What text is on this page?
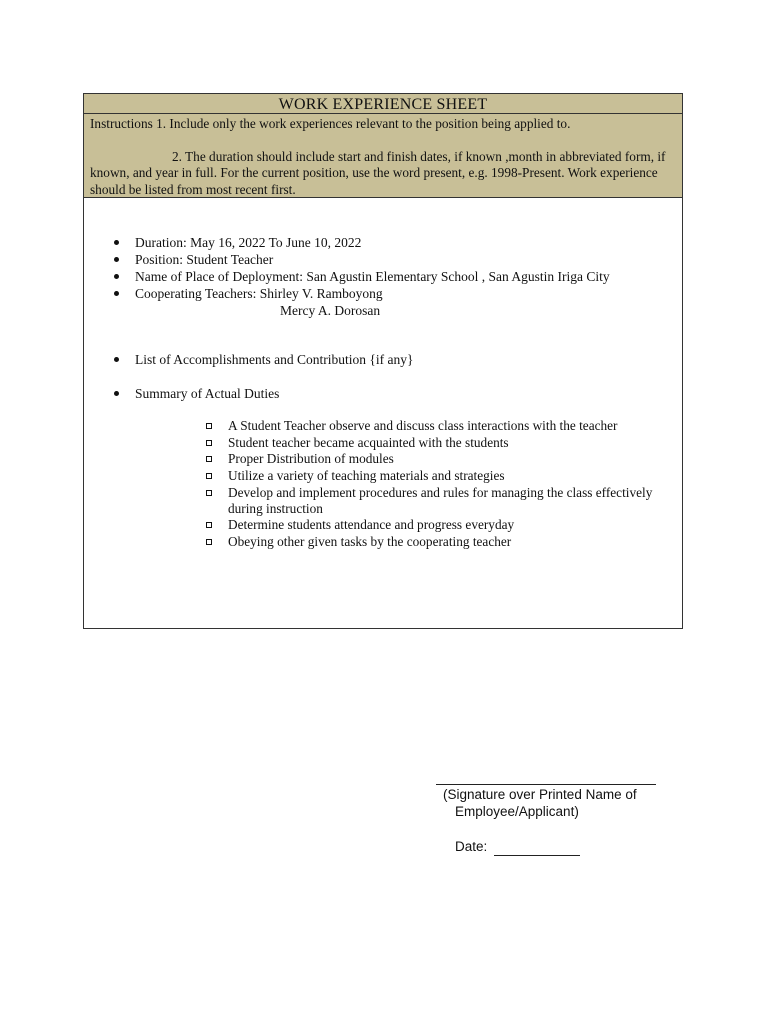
WORK EXPERIENCE SHEET
Instructions 1. Include only the work experiences relevant to the position being applied to.
2. The duration should include start and finish dates, if known ,month in abbreviated form, if known, and year in full. For the current position, use the word present, e.g. 1998-Present. Work experience should be listed from most recent first.
Duration: May 16, 2022 To June 10, 2022
Position: Student Teacher
Name of Place of Deployment: San Agustin Elementary School , San Agustin Iriga City
Cooperating Teachers: Shirley V. Ramboyong
Mercy A. Dorosan
List of Accomplishments and Contribution {if any}
Summary of Actual Duties
A Student Teacher observe and discuss class interactions with the teacher
Student teacher became acquainted with the students
Proper Distribution of modules
Utilize a variety of teaching materials and strategies
Develop and implement procedures and rules for managing the class effectively during instruction
Determine students attendance and progress everyday
Obeying other given tasks by the cooperating teacher
(Signature over Printed Name of
Employee/Applicant)
Date:
